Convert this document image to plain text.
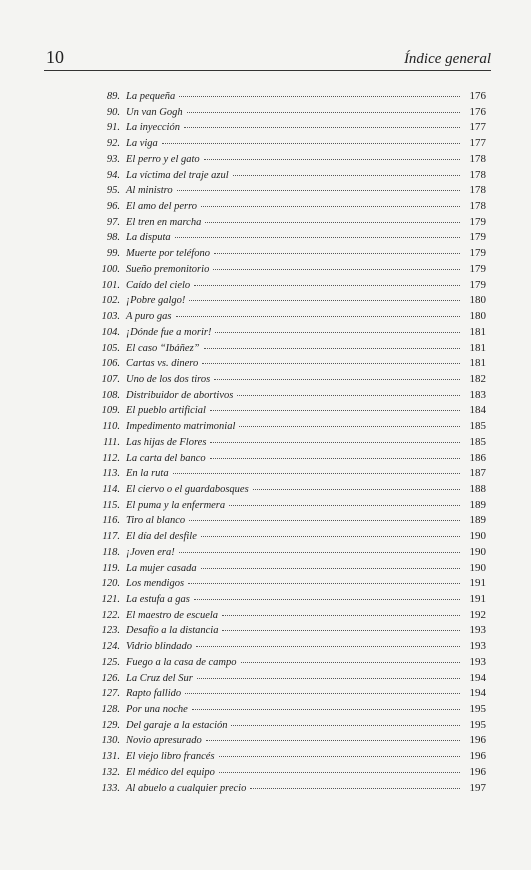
10	Índice general
89. La pequeña	176
90. Un van Gogh	176
91. La inyección	177
92. La viga	177
93. El perro y el gato	178
94. La víctima del traje azul	178
95. Al ministro	178
96. El amo del perro	178
97. El tren en marcha	179
98. La disputa	179
99. Muerte por teléfono	179
100. Sueño premonitorio	179
101. Caído del cielo	179
102. ¡Pobre galgo!	180
103. A puro gas	180
104. ¡Dónde fue a morir!	181
105. El caso “Ibáñez”	181
106. Cartas vs. dinero	181
107. Uno de los dos tiros	182
108. Distribuidor de abortivos	183
109. El pueblo artificial	184
110. Impedimento matrimonial	185
111. Las hijas de Flores	185
112. La carta del banco	186
113. En la ruta	187
114. El ciervo o el guardabosques	188
115. El puma y la enfermera	189
116. Tiro al blanco	189
117. El día del desfile	190
118. ¡Joven era!	190
119. La mujer casada	190
120. Los mendigos	191
121. La estufa a gas	191
122. El maestro de escuela	192
123. Desafío a la distancia	193
124. Vidrio blindado	193
125. Fuego a la casa de campo	193
126. La Cruz del Sur	194
127. Rapto fallido	194
128. Por una noche	195
129. Del garaje a la estación	195
130. Novio apresurado	196
131. El viejo libro francés	196
132. El médico del equipo	196
133. Al abuelo a cualquier precio	197
